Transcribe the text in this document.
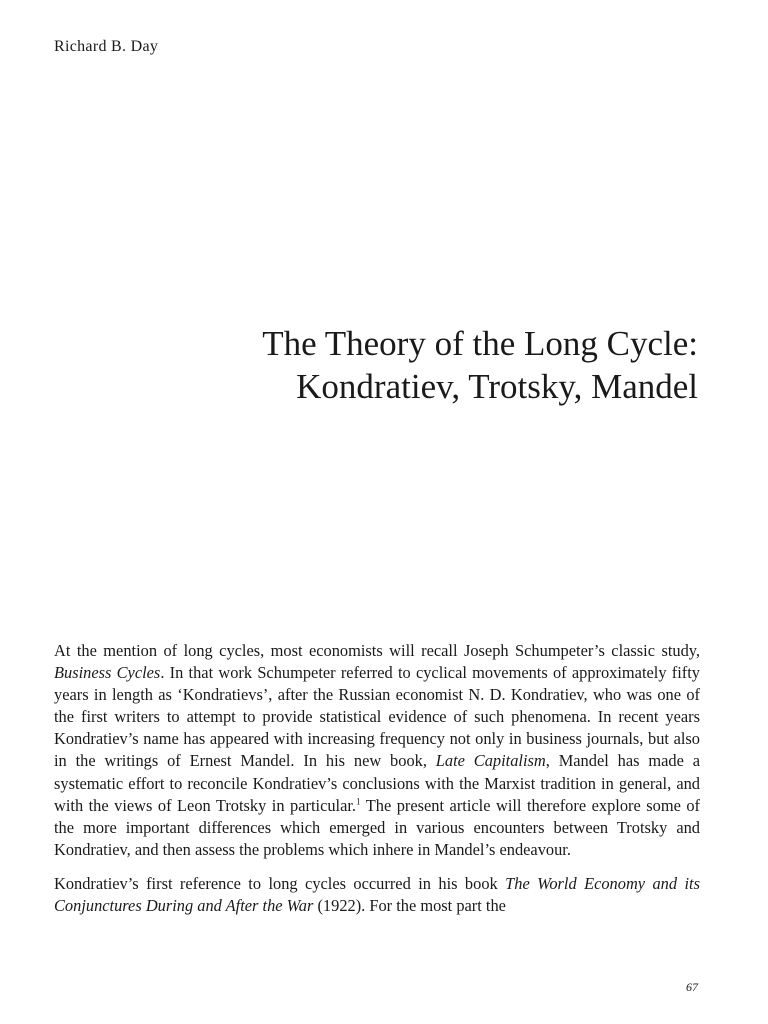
Richard B. Day

The Theory of the Long Cycle:
Kondratiev, Trotsky, Mandel

At the mention of long cycles, most economists will recall Joseph Schumpeter’s classic study, Business Cycles. In that work Schumpeter referred to cyclical movements of approximately fifty years in length as ‘Kondratievs’, after the Russian economist N. D. Kondratiev, who was one of the first writers to attempt to provide statistical evidence of such phenomena. In recent years Kondratiev’s name has appeared with increasing frequency not only in business journals, but also in the writings of Ernest Mandel. In his new book, Late Capitalism, Mandel has made a systematic effort to reconcile Kondratiev’s conclusions with the Marxist tradition in general, and with the views of Leon Trotsky in particular.$^1$ The present article will therefore explore some of the more important differences which emerged in various encounters between Trotsky and Kondratiev, and then assess the problems which inhere in Mandel’s endeavour.

Kondratiev’s first reference to long cycles occurred in his book The World Economy and its Conjunctures During and After the War (1922). For the most part the

67
